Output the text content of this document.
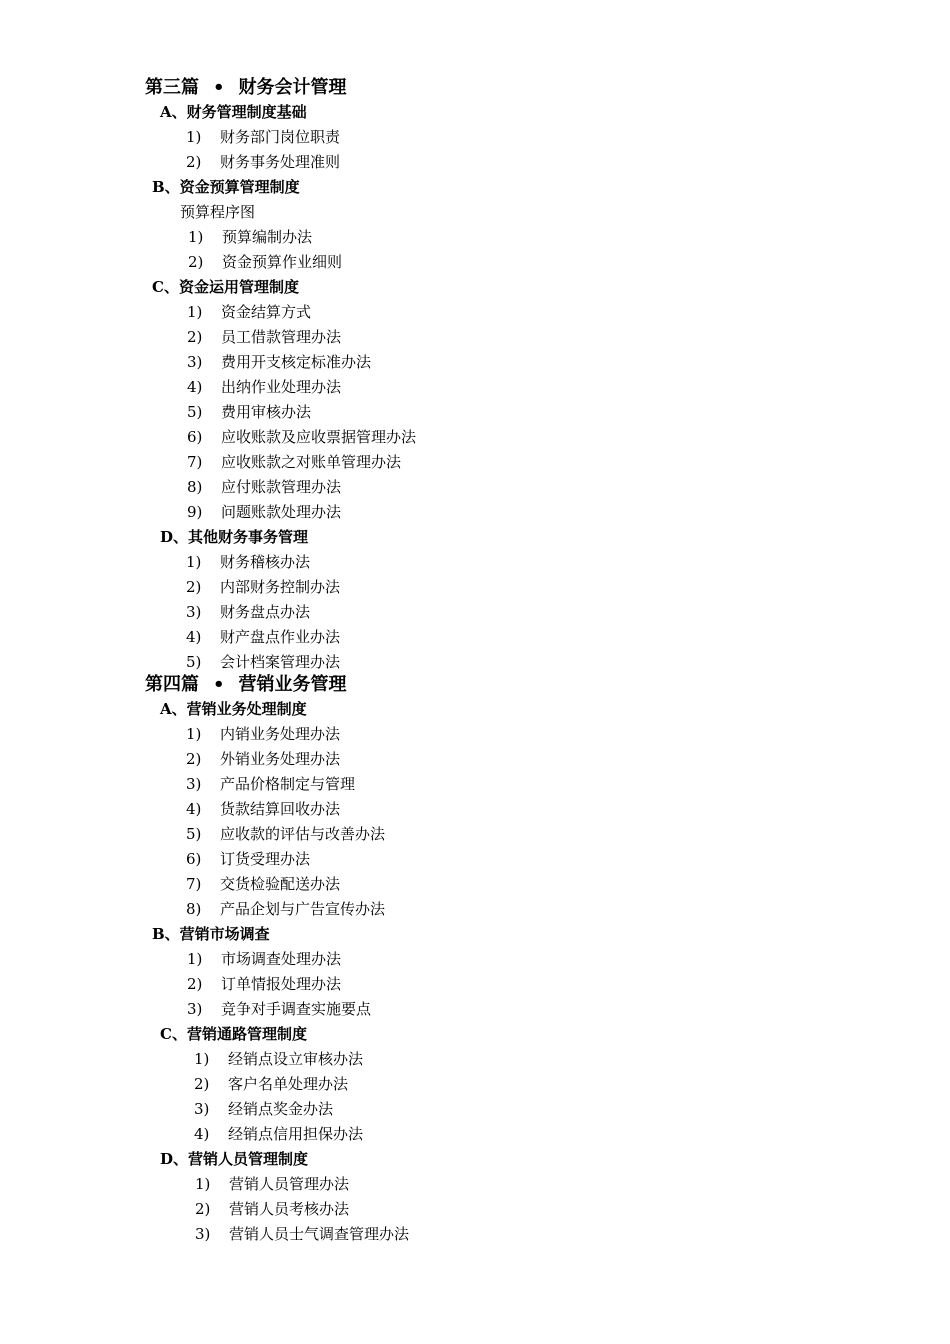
第三篇 • 财务会计管理
A、财务管理制度基础
1) 财务部门岗位职责
2) 财务事务处理准则
B、资金预算管理制度
预算程序图
1) 预算编制办法
2) 资金预算作业细则
C、资金运用管理制度
1) 资金结算方式
2) 员工借款管理办法
3) 费用开支核定标准办法
4) 出纳作业处理办法
5) 费用审核办法
6) 应收账款及应收票据管理办法
7) 应收账款之对账单管理办法
8) 应付账款管理办法
9) 问题账款处理办法
D、其他财务事务管理
1) 财务稽核办法
2) 内部财务控制办法
3) 财务盘点办法
4) 财产盘点作业办法
5) 会计档案管理办法
第四篇 • 营销业务管理
A、营销业务处理制度
1) 内销业务处理办法
2) 外销业务处理办法
3) 产品价格制定与管理
4) 货款结算回收办法
5) 应收款的评估与改善办法
6) 订货受理办法
7) 交货检验配送办法
8) 产品企划与广告宣传办法
B、营销市场调查
1) 市场调查处理办法
2) 订单情报处理办法
3) 竞争对手调查实施要点
C、营销通路管理制度
1) 经销点设立审核办法
2) 客户名单处理办法
3) 经销点奖金办法
4) 经销点信用担保办法
D、营销人员管理制度
1) 营销人员管理办法
2) 营销人员考核办法
3) 营销人员士气调查管理办法
